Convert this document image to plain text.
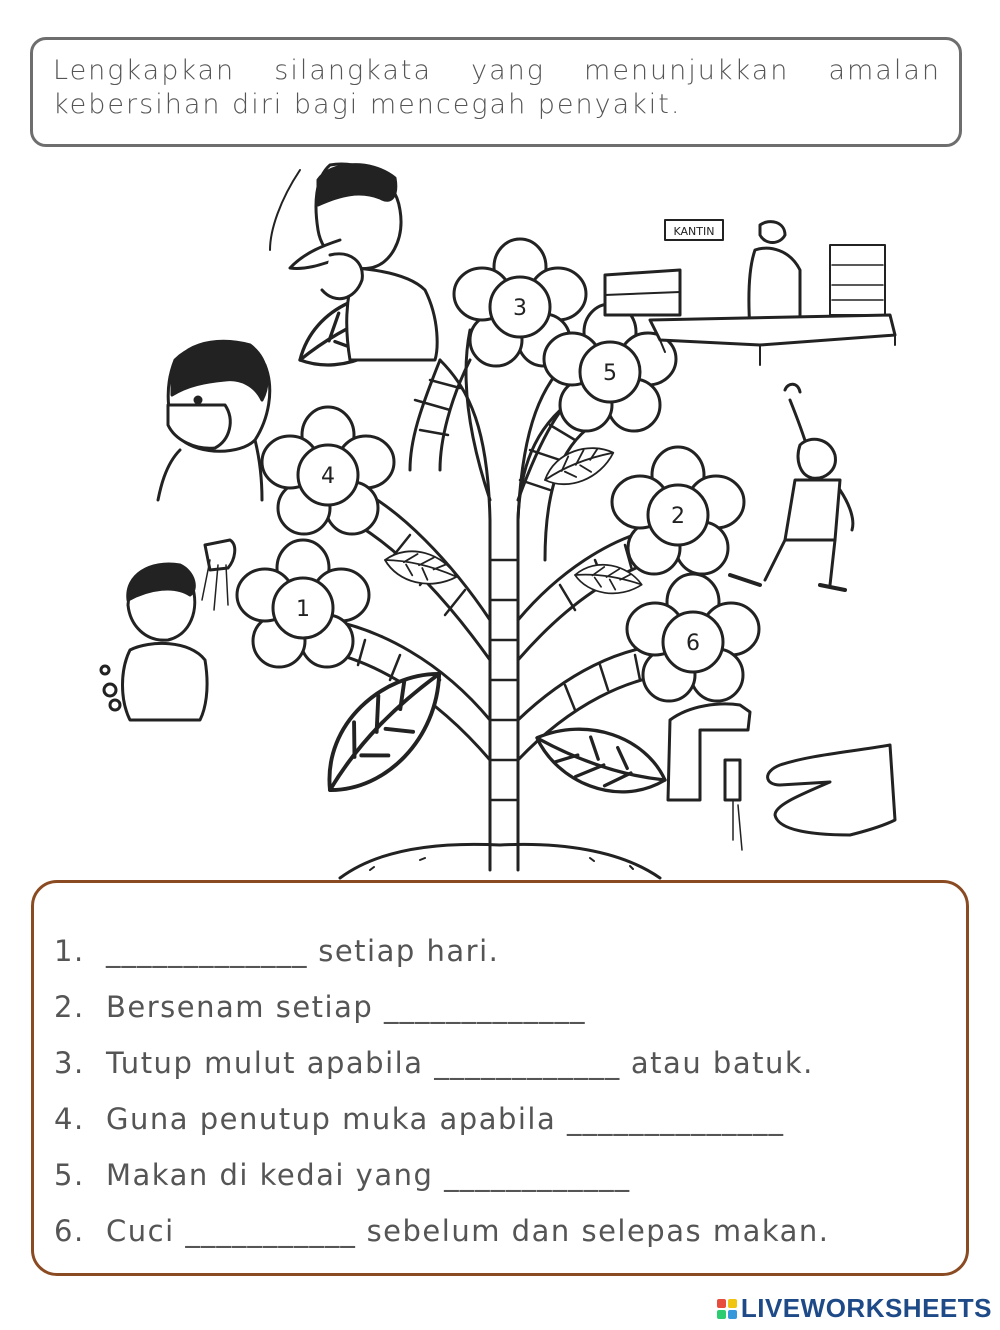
Lengkapkan silangkata yang menunjukkan amalan kebersihan diri bagi mencegah penyakit.
3
5
4
2
1
6
KANTIN
1. _____________ setiap hari.
2. Bersenam setiap _____________
3. Tutup mulut apabila ____________ atau batuk.
4. Guna penutup muka apabila ______________
5. Makan di kedai yang ____________
6. Cuci ___________ sebelum dan selepas makan.
LIVEWORKSHEETS
